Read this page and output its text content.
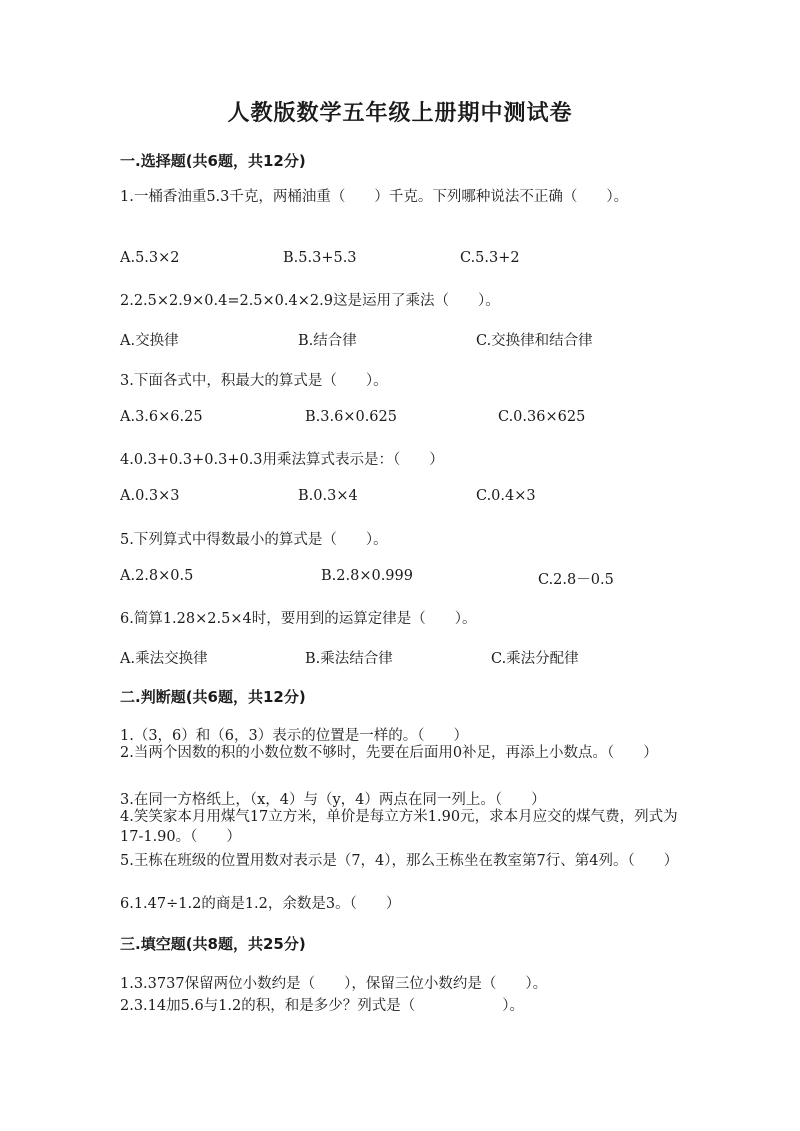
人教版数学五年级上册期中测试卷
一.选择题(共6题，共12分)
1.一桶香油重5.3千克，两桶油重（　　）千克。下列哪种说法不正确（　　）。
A.5.3×2	B.5.3+5.3	C.5.3+2
2.2.5×2.9×0.4=2.5×0.4×2.9这是运用了乘法（　　）。
A.交换律	B.结合律	C.交换律和结合律
3.下面各式中，积最大的算式是（　　）。
A.3.6×6.25	B.3.6×0.625	C.0.36×625
4.0.3+0.3+0.3+0.3用乘法算式表示是：（　　）
A.0.3×3	B.0.3×4	C.0.4×3
5.下列算式中得数最小的算式是（　　）。
A.2.8×0.5	B.2.8×0.999	C.2.8－0.5
6.简算1.28×2.5×4时，要用到的运算定律是（　　）。
A.乘法交换律	B.乘法结合律	C.乘法分配律
二.判断题(共6题，共12分)
1.（3，6）和（6，3）表示的位置是一样的。（　　）
2.当两个因数的积的小数位数不够时，先要在后面用0补足，再添上小数点。（　　）
3.在同一方格纸上，（x，4）与（y，4）两点在同一列上。（　　）
4.笑笑家本月用煤气17立方米，单价是每立方米1.90元，求本月应交的煤气费，列式为17-1.90。（　　）
5.王栋在班级的位置用数对表示是（7，4），那么王栋坐在教室第7行、第4列。（　　）
6.1.47÷1.2的商是1.2，余数是3。（　　）
三.填空题(共8题，共25分)
1.3.3737保留两位小数约是（　　），保留三位小数约是（　　）。
2.3.14加5.6与1.2的积，和是多少？列式是（　　　　　　）。
